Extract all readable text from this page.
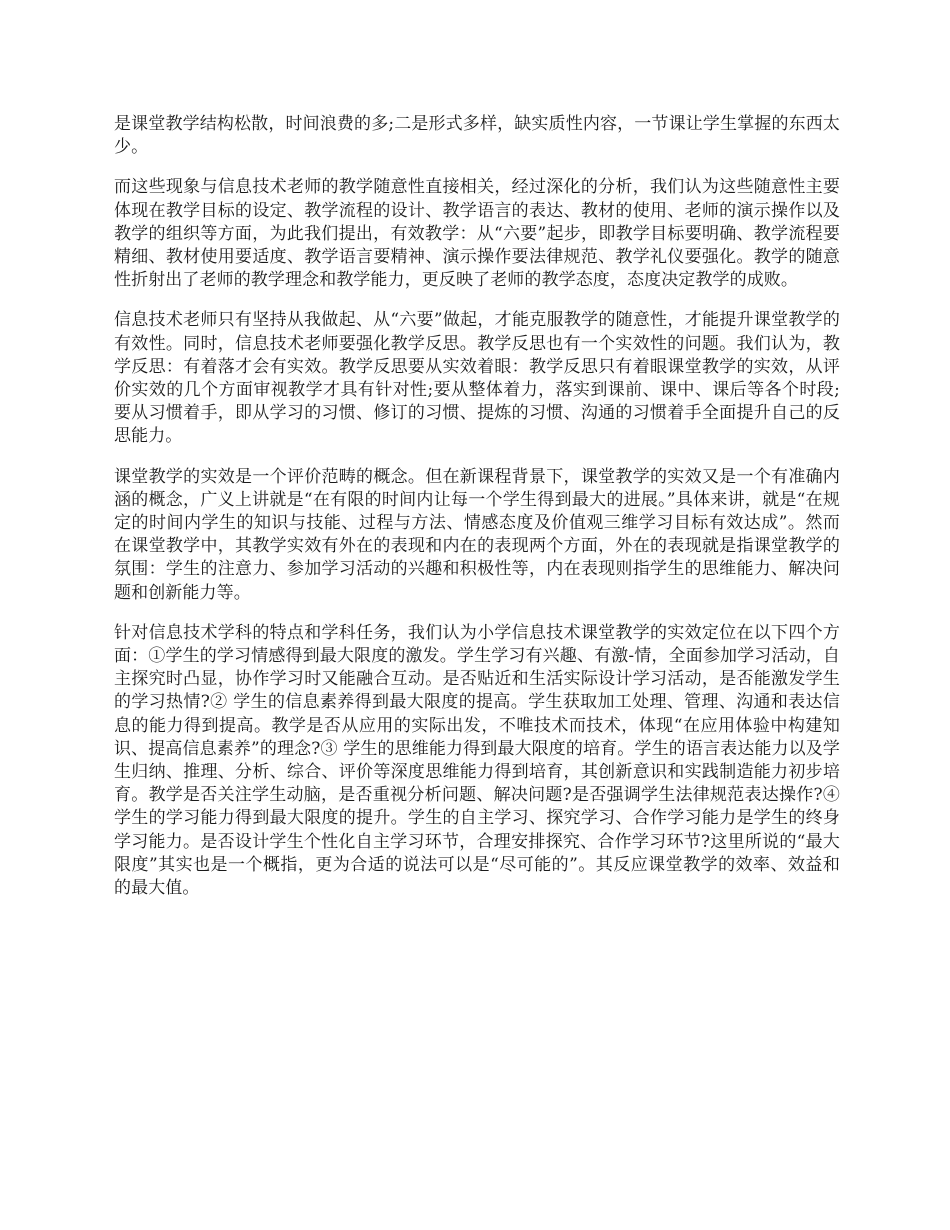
是课堂教学结构松散，时间浪费的多;二是形式多样，缺实质性内容，一节课让学生掌握的东西太少。

而这些现象与信息技术老师的教学随意性直接相关，经过深化的分析，我们认为这些随意性主要体现在教学目标的设定、教学流程的设计、教学语言的表达、教材的使用、老师的演示操作以及教学的组织等方面，为此我们提出，有效教学：从“六要”起步，即教学目标要明确、教学流程要精细、教材使用要适度、教学语言要精神、演示操作要法律规范、教学礼仪要强化。教学的随意性折射出了老师的教学理念和教学能力，更反映了老师的教学态度，态度决定教学的成败。

信息技术老师只有坚持从我做起、从“六要”做起，才能克服教学的随意性，才能提升课堂教学的有效性。同时，信息技术老师要强化教学反思。教学反思也有一个实效性的问题。我们认为，教学反思：有着落才会有实效。教学反思要从实效着眼：教学反思只有着眼课堂教学的实效，从评价实效的几个方面审视教学才具有针对性;要从整体着力，落实到课前、课中、课后等各个时段;要从习惯着手，即从学习的习惯、修订的习惯、提炼的习惯、沟通的习惯着手全面提升自己的反思能力。

课堂教学的实效是一个评价范畴的概念。但在新课程背景下，课堂教学的实效又是一个有准确内涵的概念，广义上讲就是“在有限的时间内让每一个学生得到最大的进展。”具体来讲，就是“在规定的时间内学生的知识与技能、过程与方法、情感态度及价值观三维学习目标有效达成”。然而在课堂教学中，其教学实效有外在的表现和内在的表现两个方面，外在的表现就是指课堂教学的氛围：学生的注意力、参加学习活动的兴趣和积极性等，内在表现则指学生的思维能力、解决问题和创新能力等。

针对信息技术学科的特点和学科任务，我们认为小学信息技术课堂教学的实效定位在以下四个方面：①学生的学习情感得到最大限度的激发。学生学习有兴趣、有激-情，全面参加学习活动，自主探究时凸显，协作学习时又能融合互动。是否贴近和生活实际设计学习活动，是否能激发学生的学习热情?② 学生的信息素养得到最大限度的提高。学生获取加工处理、管理、沟通和表达信息的能力得到提高。教学是否从应用的实际出发，不唯技术而技术，体现“在应用体验中构建知识、提高信息素养”的理念?③ 学生的思维能力得到最大限度的培育。学生的语言表达能力以及学生归纳、推理、分析、综合、评价等深度思维能力得到培育，其创新意识和实践制造能力初步培育。教学是否关注学生动脑，是否重视分析问题、解决问题?是否强调学生法律规范表达操作?④ 学生的学习能力得到最大限度的提升。学生的自主学习、探究学习、合作学习能力是学生的终身学习能力。是否设计学生个性化自主学习环节，合理安排探究、合作学习环节?这里所说的“最大限度”其实也是一个概指，更为合适的说法可以是“尽可能的”。其反应课堂教学的效率、效益和的最大值。
